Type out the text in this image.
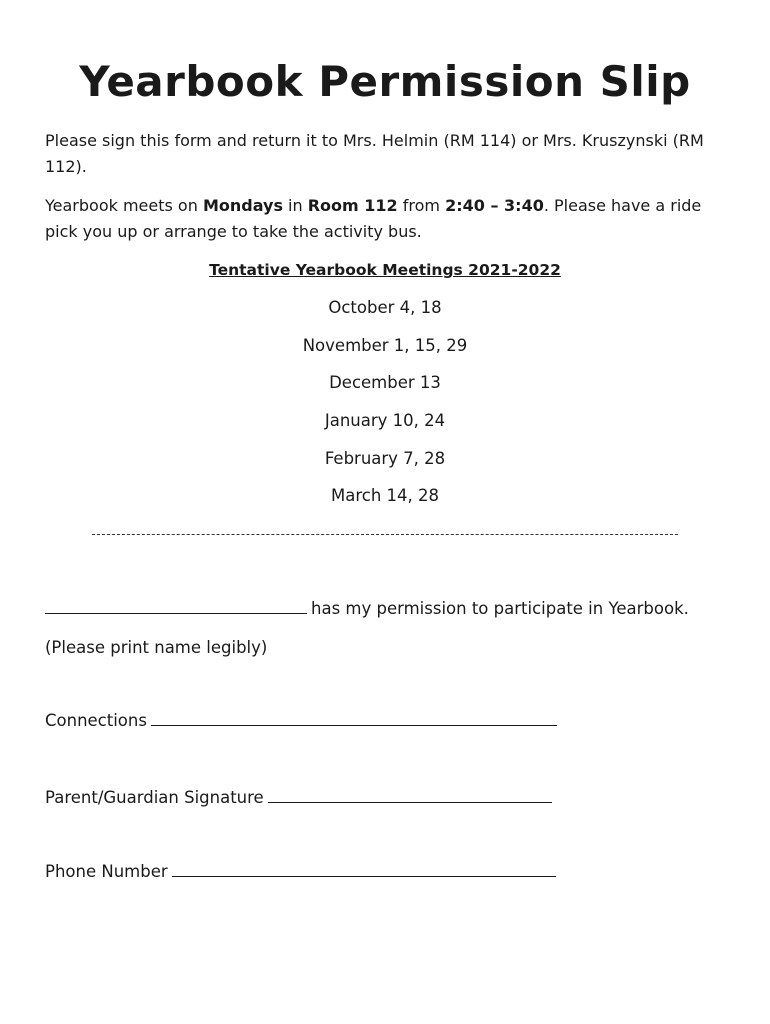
Yearbook Permission Slip

Please sign this form and return it to Mrs. Helmin (RM 114) or Mrs. Kruszynski (RM 112).

Yearbook meets on Mondays in Room 112 from 2:40 – 3:40. Please have a ride pick you up or arrange to take the activity bus.

Tentative Yearbook Meetings 2021-2022

October 4, 18

November 1, 15, 29

December 13

January 10, 24

February 7, 28

March 14, 28

has my permission to participate in Yearbook.

(Please print name legibly)

Connections

Parent/Guardian Signature

Phone Number
